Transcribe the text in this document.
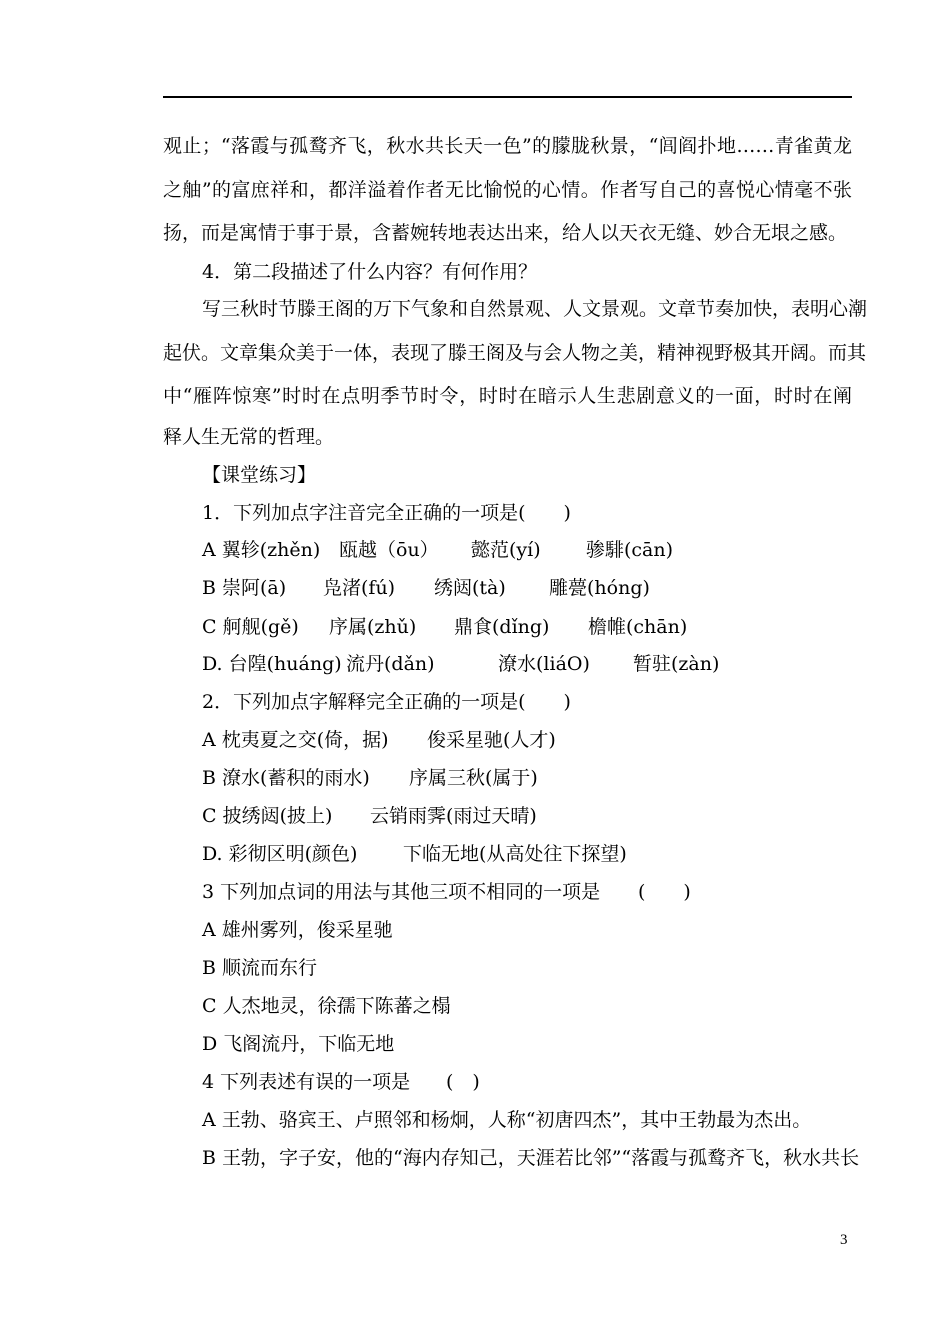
观止；“落霞与孤鹜齐飞，秋水共长天一色”的朦胧秋景，“闾阎扑地……青雀黄龙
之舳”的富庶祥和，都洋溢着作者无比愉悦的心情。作者写自己的喜悦心情毫不张
扬，而是寓情于事于景，含蓄婉转地表达出来，给人以天衣无缝、妙合无垠之感。
4．第二段描述了什么内容？有何作用？
写三秋时节滕王阁的万下气象和自然景观、人文景观。文章节奏加快，表明心潮
起伏。文章集众美于一体，表现了滕王阁及与会人物之美，精神视野极其开阔。而其
中“雁阵惊寒”时时在点明季节时令，时时在暗示人生悲剧意义的一面，时时在阐
释人生无常的哲理。
【课堂练习】
1．下列加点字注音完全正确的一项是(　　)
A 翼轸(zhěn) 瓯越（ōu） 懿范(yí) 骖騑(cān)
B 崇阿(ā) 凫渚(fú) 绣闼(tà) 雕甍(hóng)
C 舸舰(gě) 序属(zhǔ) 鼎食(dǐng) 檐帷(chān)
D. 台隍(huáng) 流丹(dǎn)	潦水(liáO) 暂驻(zàn)
2．下列加点字解释完全正确的一项是(　　)
A 枕夷夏之交(倚，据) 俊采星驰(人才)
B 潦水(蓄积的雨水) 序属三秋(属于)
C 披绣闼(披上) 云销雨霁(雨过天晴)
D. 彩彻区明(颜色) 下临无地(从高处往下探望)
3 下列加点词的用法与其他三项不相同的一项是 (　　)
A 雄州雾列，俊采星驰
B 顺流而东行
C 人杰地灵，徐孺下陈蕃之榻
D 飞阁流丹，下临无地
4 下列表述有误的一项是 (　)
A 王勃、骆宾王、卢照邻和杨炯，人称“初唐四杰”，其中王勃最为杰出。
B 王勃，字子安，他的“海内存知己，天涯若比邻”“落霞与孤鹜齐飞，秋水共长
3
